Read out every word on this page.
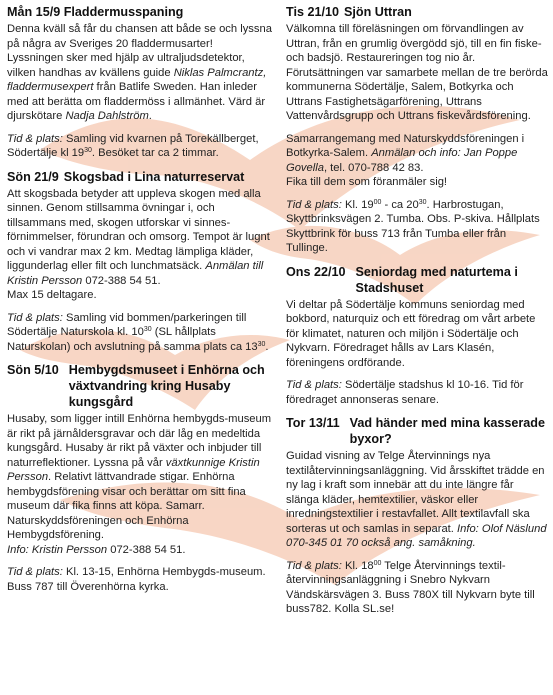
Mån 15/9
Fladdermusspaning

Denna kväll så får du chansen att både se och lyssna på några av Sveriges 20 fladdermusarter! Lyssningen sker med hjälp av ultraljudsdetektor, vilken handhas av kvällens guide Niklas Palmcrantz, fladdermusexpert från Batlife Sweden. Han inleder med att berätta om fladdermöss i allmänhet. Värd är djurskötare Nadja Dahlström.

Tid & plats: Samling vid kvarnen på Torekällberget, Södertälje kl $19^{30}$. Besöket tar ca 2 timmar.

Sön 21/9 Skogsbad i Lina naturreservat

Att skogsbada betyder att uppleva skogen med alla sinnen. Genom stillsamma övningar i, och tillsammans med, skogen utforskar vi sinnes-förnimmelser, förundran och omsorg. Tempot är lugnt och vi vandrar max 2 km. Medtag lämpliga kläder, liggunderlag eller filt och lunchmatsäck. Anmälan till Kristin Persson 072-388 54 51.
Max 15 deltagare.

Tid & plats: Samling vid bommen/parkeringen till Södertälje Naturskola kl. $10^{30}$ (SL hållplats Naturskolan) och avslutning på samma plats ca $13^{30}$.

Sön 5/10 Hembygdsmuseet i Enhörna och växtvandring kring Husaby kungsgård

Husaby, som ligger intill Enhörna hembygds-museum är rikt på järnåldersgravar och där låg en medeltida kungsgård. Husaby är rikt på växter och inbjuder till naturreflektioner. Lyssna på vår växtkunnige Kristin Persson. Relativt lättvandrade stigar. Enhörna hembygdsförening visar och berättar om sitt fina museum där fika finns att köpa. Samarr. Naturskyddsföreningen och Enhörna Hembygdsförening.
Info: Kristin Persson 072-388 54 51.

Tid & plats: Kl. 13-15, Enhörna Hembygds-museum. Buss 787 till Överenhörna kyrka.

Tis 21/10 Sjön Uttran

Välkomna till föreläsningen om förvandlingen av Uttran, från en grumlig övergödd sjö, till en fin fiske- och badsjö. Restaureringen tog nio år. Förutsättningen var samarbete mellan de tre berörda kommunerna Södertälje, Salem, Botkyrka och Uttrans Fastighetsägarförening, Uttrans Vattenvårdsgrupp och Uttrans fiskevårdsförening.

Samarrangemang med Naturskyddsföreningen i Botkyrka-Salem. Anmälan och info: Jan Poppe Govella, tel. 070-788 42 83.
Fika till dem som föranmäler sig!

Tid & plats: Kl. $19^{00}$ - ca $20^{30}$. Harbrostugan, Skyttbrinksvägen 2. Tumba. Obs. P-skiva. Hållplats Skyttbrink för buss 713 från Tumba eller från Tullinge.

Ons 22/10 Seniordag med naturtema i Stadshuset

Vi deltar på Södertälje kommuns seniordag med bokbord, naturquiz och ett föredrag om vårt arbete för klimatet, naturen och miljön i Södertälje och Nykvarn. Föredraget hålls av Lars Klasén, föreningens ordförande.

Tid & plats: Södertälje stadshus kl 10-16. Tid för föredraget annonseras senare.

Tor 13/11 Vad händer med mina kasserade byxor?

Guidad visning av Telge Återvinnings nya textilåtervinningsanläggning. Vid årsskiftet trädde en ny lag i kraft som innebär att du inte längre får slänga kläder, hemtextilier, väskor eller inredningstextilier i restavfallet. Allt textilavfall ska sorteras ut och samlas in separat. Info: Olof Näslund 070-345 01 70 också ang. samåkning.

Tid & plats: Kl. $18^{00}$ Telge Återvinnings textil-återvinningsanläggning i Snebro Nykvarn Vändskärsvägen 3. Buss 780X till Nykvarn byte till buss782. Kolla SL.se!
